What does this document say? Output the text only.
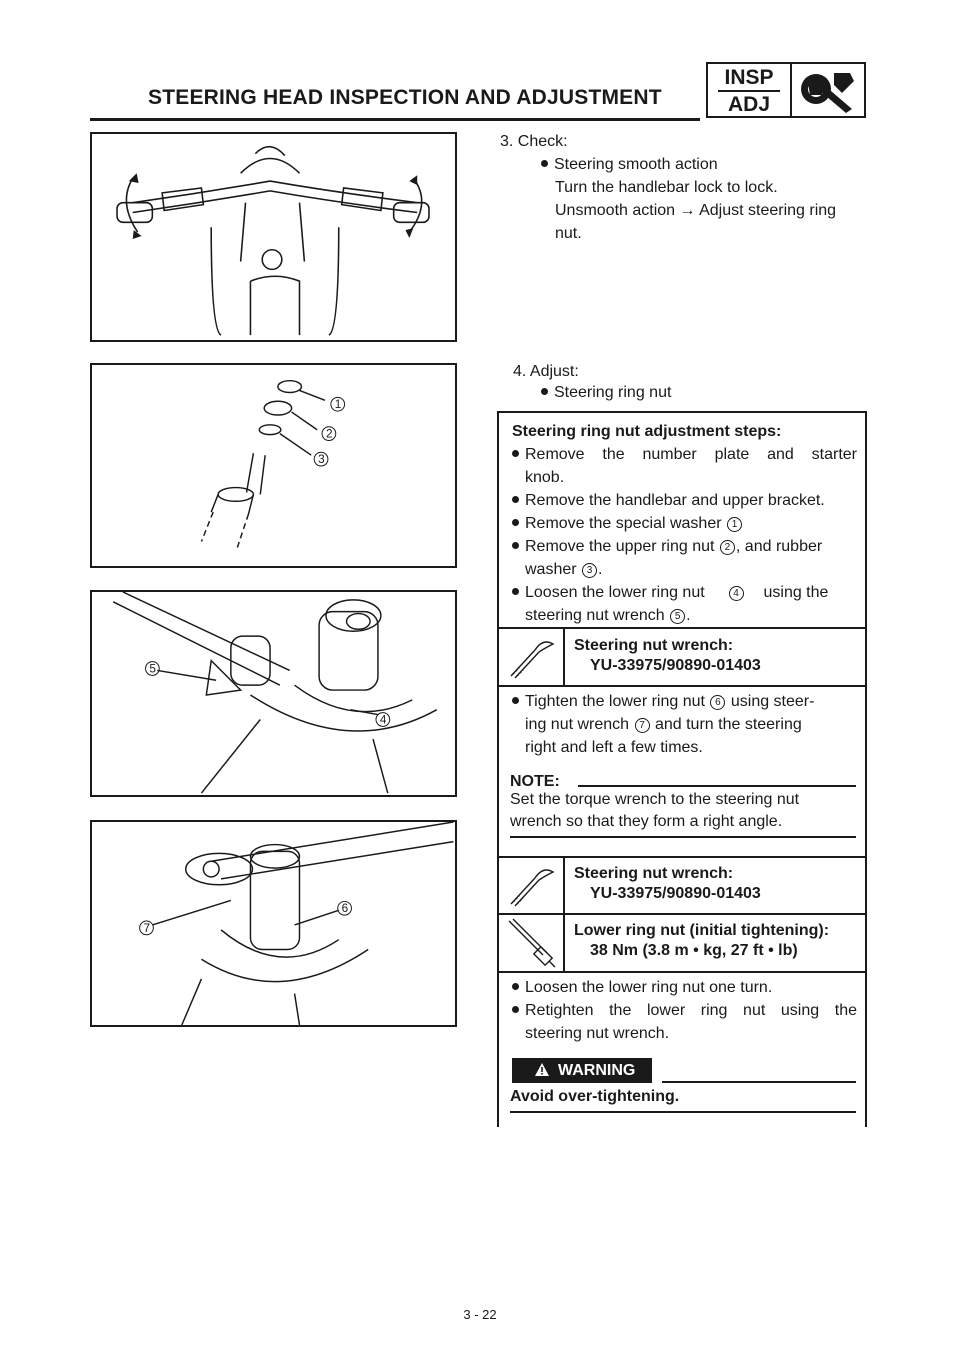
STEERING HEAD INSPECTION AND ADJUSTMENT
INSP
ADJ
3. Check:
Steering smooth action
Turn the handlebar lock to lock.
Unsmooth action → Adjust steering ring
nut.
1
2
3
4. Adjust:
Steering ring nut
5
4
7
6
Steering ring nut adjustment steps:
Remove the number plate and starter
knob.
Remove the handlebar and upper bracket.
Remove the special washer 1
Remove the upper ring nut 2 , and rubber
washer 3 .
Loosen the lower ring nut	4 using the
steering nut wrench 5 .
Steering nut wrench:
YU-33975/90890-01403
Tighten the lower ring nut 6 using steer-
ing nut wrench 7 and turn the steering
right and left a few times.
NOTE:
Set the torque wrench to the steering nut
wrench so that they form a right angle.
Steering nut wrench:
YU-33975/90890-01403
Lower ring nut (initial tightening):
38 Nm (3.8 m • kg, 27 ft • lb)
Loosen the lower ring nut one turn.
Retighten the lower ring nut using the
steering nut wrench.
WARNING
Avoid over-tightening.
3 - 22
